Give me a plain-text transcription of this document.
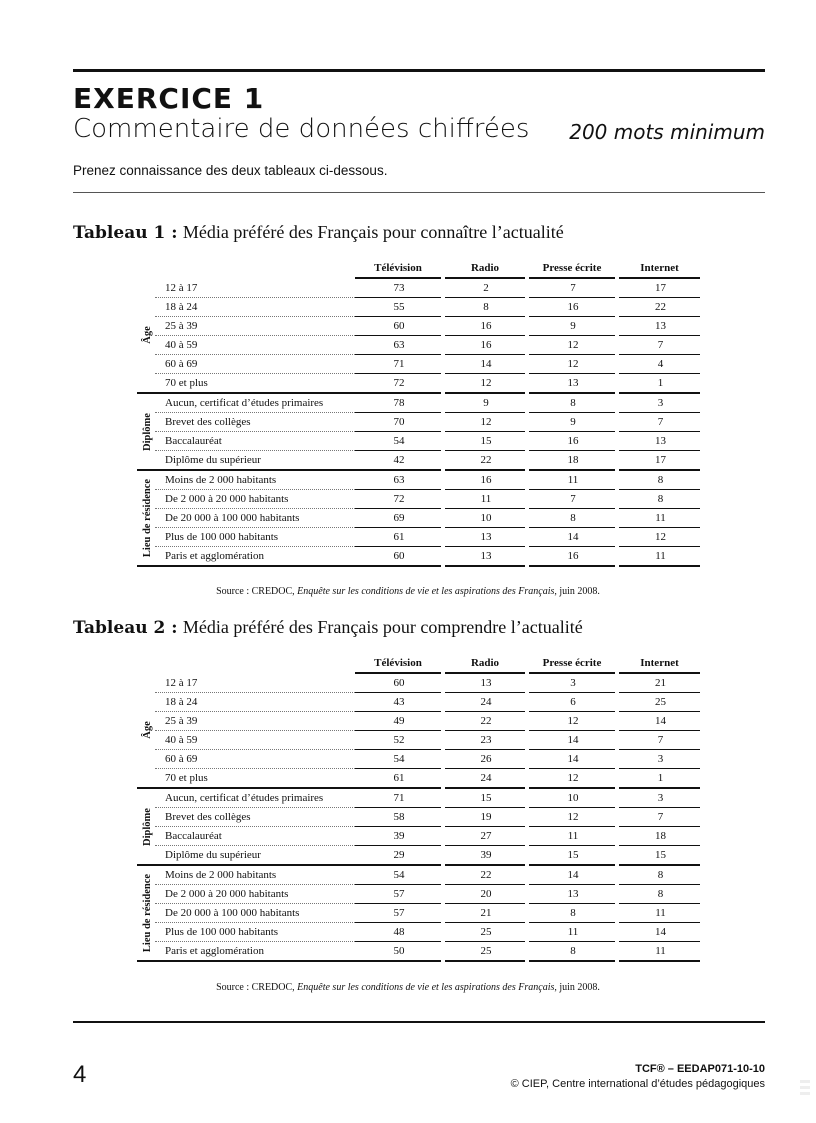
EXERCICE 1
Commentaire de données chiffrées 200 mots minimum
Prenez connaissance des deux tableaux ci-dessous.
Tableau 1 : Média préféré des Français pour connaître l’actualité
		Télévision		Radio		Presse écrite		Internet

Âge	12 à 17	73		2		7		17
	18 à 24	55		8		16		22
	25 à 39	60		16		9		13
	40 à 59	63		16		12		7
	60 à 69	71		14		12		4
	70 et plus	72		12		13		1

Diplôme	Aucun, certificat d’études primaires	78		9		8		3
	Brevet des collèges	70		12		9		7
	Baccalauréat	54		15		16		13
	Diplôme du supérieur	42		22		18		17

Lieu de résidence	Moins de 2 000 habitants	63		16		11		8
	De 2 000 à 20 000 habitants	72		11		7		8
	De 20 000 à 100 000 habitants	69		10		8		11
	Plus de 100 000 habitants	61		13		14		12
	Paris et agglomération	60		13		16		11
Source : CREDOC, Enquête sur les conditions de vie et les aspirations des Français, juin 2008.
Tableau 2 : Média préféré des Français pour comprendre l’actualité
		Télévision		Radio		Presse écrite		Internet

Âge	12 à 17	60		13		3		21
	18 à 24	43		24		6		25
	25 à 39	49		22		12		14
	40 à 59	52		23		14		7
	60 à 69	54		26		14		3
	70 et plus	61		24		12		1

Diplôme	Aucun, certificat d’études primaires	71		15		10		3
	Brevet des collèges	58		19		12		7
	Baccalauréat	39		27		11		18
	Diplôme du supérieur	29		39		15		15

Lieu de résidence	Moins de 2 000 habitants	54		22		14		8
	De 2 000 à 20 000 habitants	57		20		13		8
	De 20 000 à 100 000 habitants	57		21		8		11
	Plus de 100 000 habitants	48		25		11		14
	Paris et agglomération	50		25		8		11
Source : CREDOC, Enquête sur les conditions de vie et les aspirations des Français, juin 2008.
4	TCF® – EEDAP071-10-10
© CIEP, Centre international d’études pédagogiques
